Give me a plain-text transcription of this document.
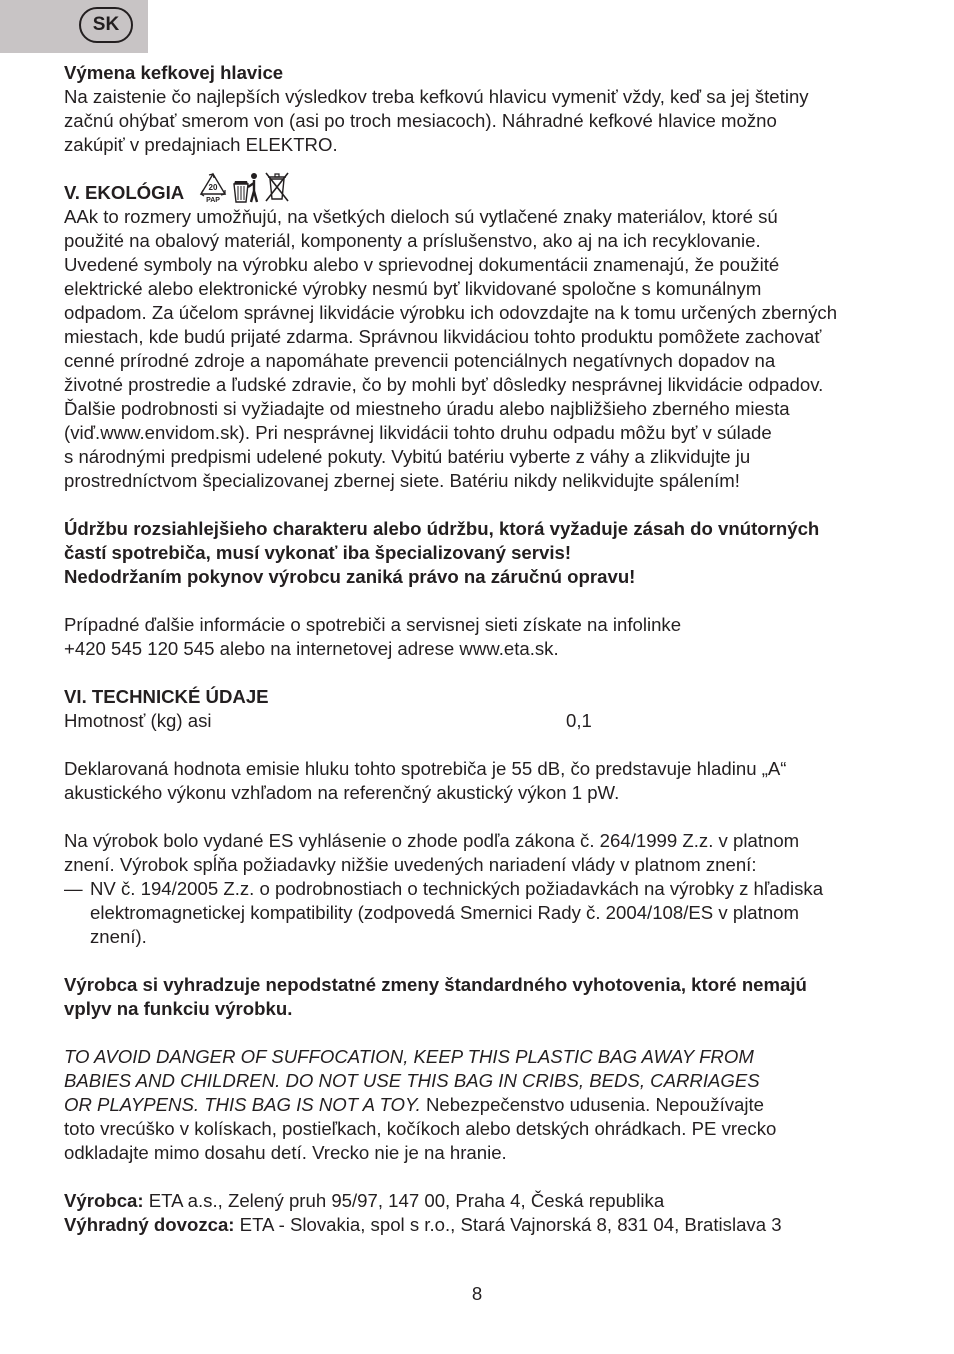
SK

Výmena kefkovej hlavice

Na zaistenie čo najlepších výsledkov treba kefkovú hlavicu vymeniť vždy, keď sa jej štetiny

začnú ohýbať smerom von (asi po troch mesiacoch). Náhradné kefkové hlavice možno

zakúpiť v predajniach ELEKTRO.

V. EKOLÓGIA	20
PAP

AAk to rozmery umožňujú, na všetkých dieloch sú vytlačené znaky materiálov, ktoré sú

použité na obalový materiál, komponenty a príslušenstvo, ako aj na ich recyklovanie.

Uvedené symboly na výrobku alebo v sprievodnej dokumentácii znamenajú, že použité

elektrické alebo elektronické výrobky nesmú byť likvidované spoločne s komunálnym

odpadom. Za účelom správnej likvidácie výrobku ich odovzdajte na k tomu určených zberných

miestach, kde budú prijaté zdarma. Správnou likvidáciou tohto produktu pomôžete zachovať

cenné prírodné zdroje a napomáhate prevencii potenciálnych negatívnych dopadov na

životné prostredie a ľudské zdravie, čo by mohli byť dôsledky nesprávnej likvidácie odpadov.

Ďalšie podrobnosti si vyžiadajte od miestneho úradu alebo najbližšieho zberného miesta

(viď.www.envidom.sk). Pri nesprávnej likvidácii tohto druhu odpadu môžu byť v súlade

s národnými predpismi udelené pokuty. Vybitú batériu vyberte z váhy a zlikvidujte ju

prostredníctvom špecializovanej zbernej siete. Batériu nikdy nelikvidujte spálením!

Údržbu rozsiahlejšieho charakteru alebo údržbu, ktorá vyžaduje zásah do vnútorných

častí spotrebiča, musí vykonať iba špecializovaný servis!

Nedodržaním pokynov výrobcu zaniká právo na záručnú opravu!

Prípadné ďalšie informácie o spotrebiči a servisnej sieti získate na infolinke

+420 545 120 545 alebo na internetovej adrese www.eta.sk.

VI. TECHNICKÉ ÚDAJE

Hmotnosť (kg) asi	0,1

Deklarovaná hodnota emisie hluku tohto spotrebiča je 55 dB, čo predstavuje hladinu „A“

akustického výkonu vzhľadom na referenčný akustický výkon 1 pW.

Na výrobok bolo vydané ES vyhlásenie o zhode podľa zákona č. 264/1999 Z.z. v platnom

znení. Výrobok spĺňa požiadavky nižšie uvedených nariadení vlády v platnom znení:

— NV č. 194/2005 Z.z. o podrobnostiach o technických požiadavkách na výrobky z hľadiska

elektromagnetickej kompatibility (zodpovedá Smernici Rady č. 2004/108/ES v platnom

znení).

Výrobca si vyhradzuje nepodstatné zmeny štandardného vyhotovenia, ktoré nemajú

vplyv na funkciu výrobku.

TO AVOID DANGER OF SUFFOCATION, KEEP THIS PLASTIC BAG AWAY FROM

BABIES AND CHILDREN. DO NOT USE THIS BAG IN CRIBS, BEDS, CARRIAGES

OR PLAYPENS. THIS BAG IS NOT A TOY. Nebezpečenstvo udusenia. Nepoužívajte

toto vrecúško v kolískach, postieľkach, kočíkoch alebo detských ohrádkach. PE vrecko

odkladajte mimo dosahu detí. Vrecko nie je na hranie.

Výrobca: ETA a.s., Zelený pruh 95/97, 147 00, Praha 4, Česká republika

Výhradný dovozca: ETA - Slovakia, spol s r.o., Stará Vajnorská 8, 831 04, Bratislava 3

8
